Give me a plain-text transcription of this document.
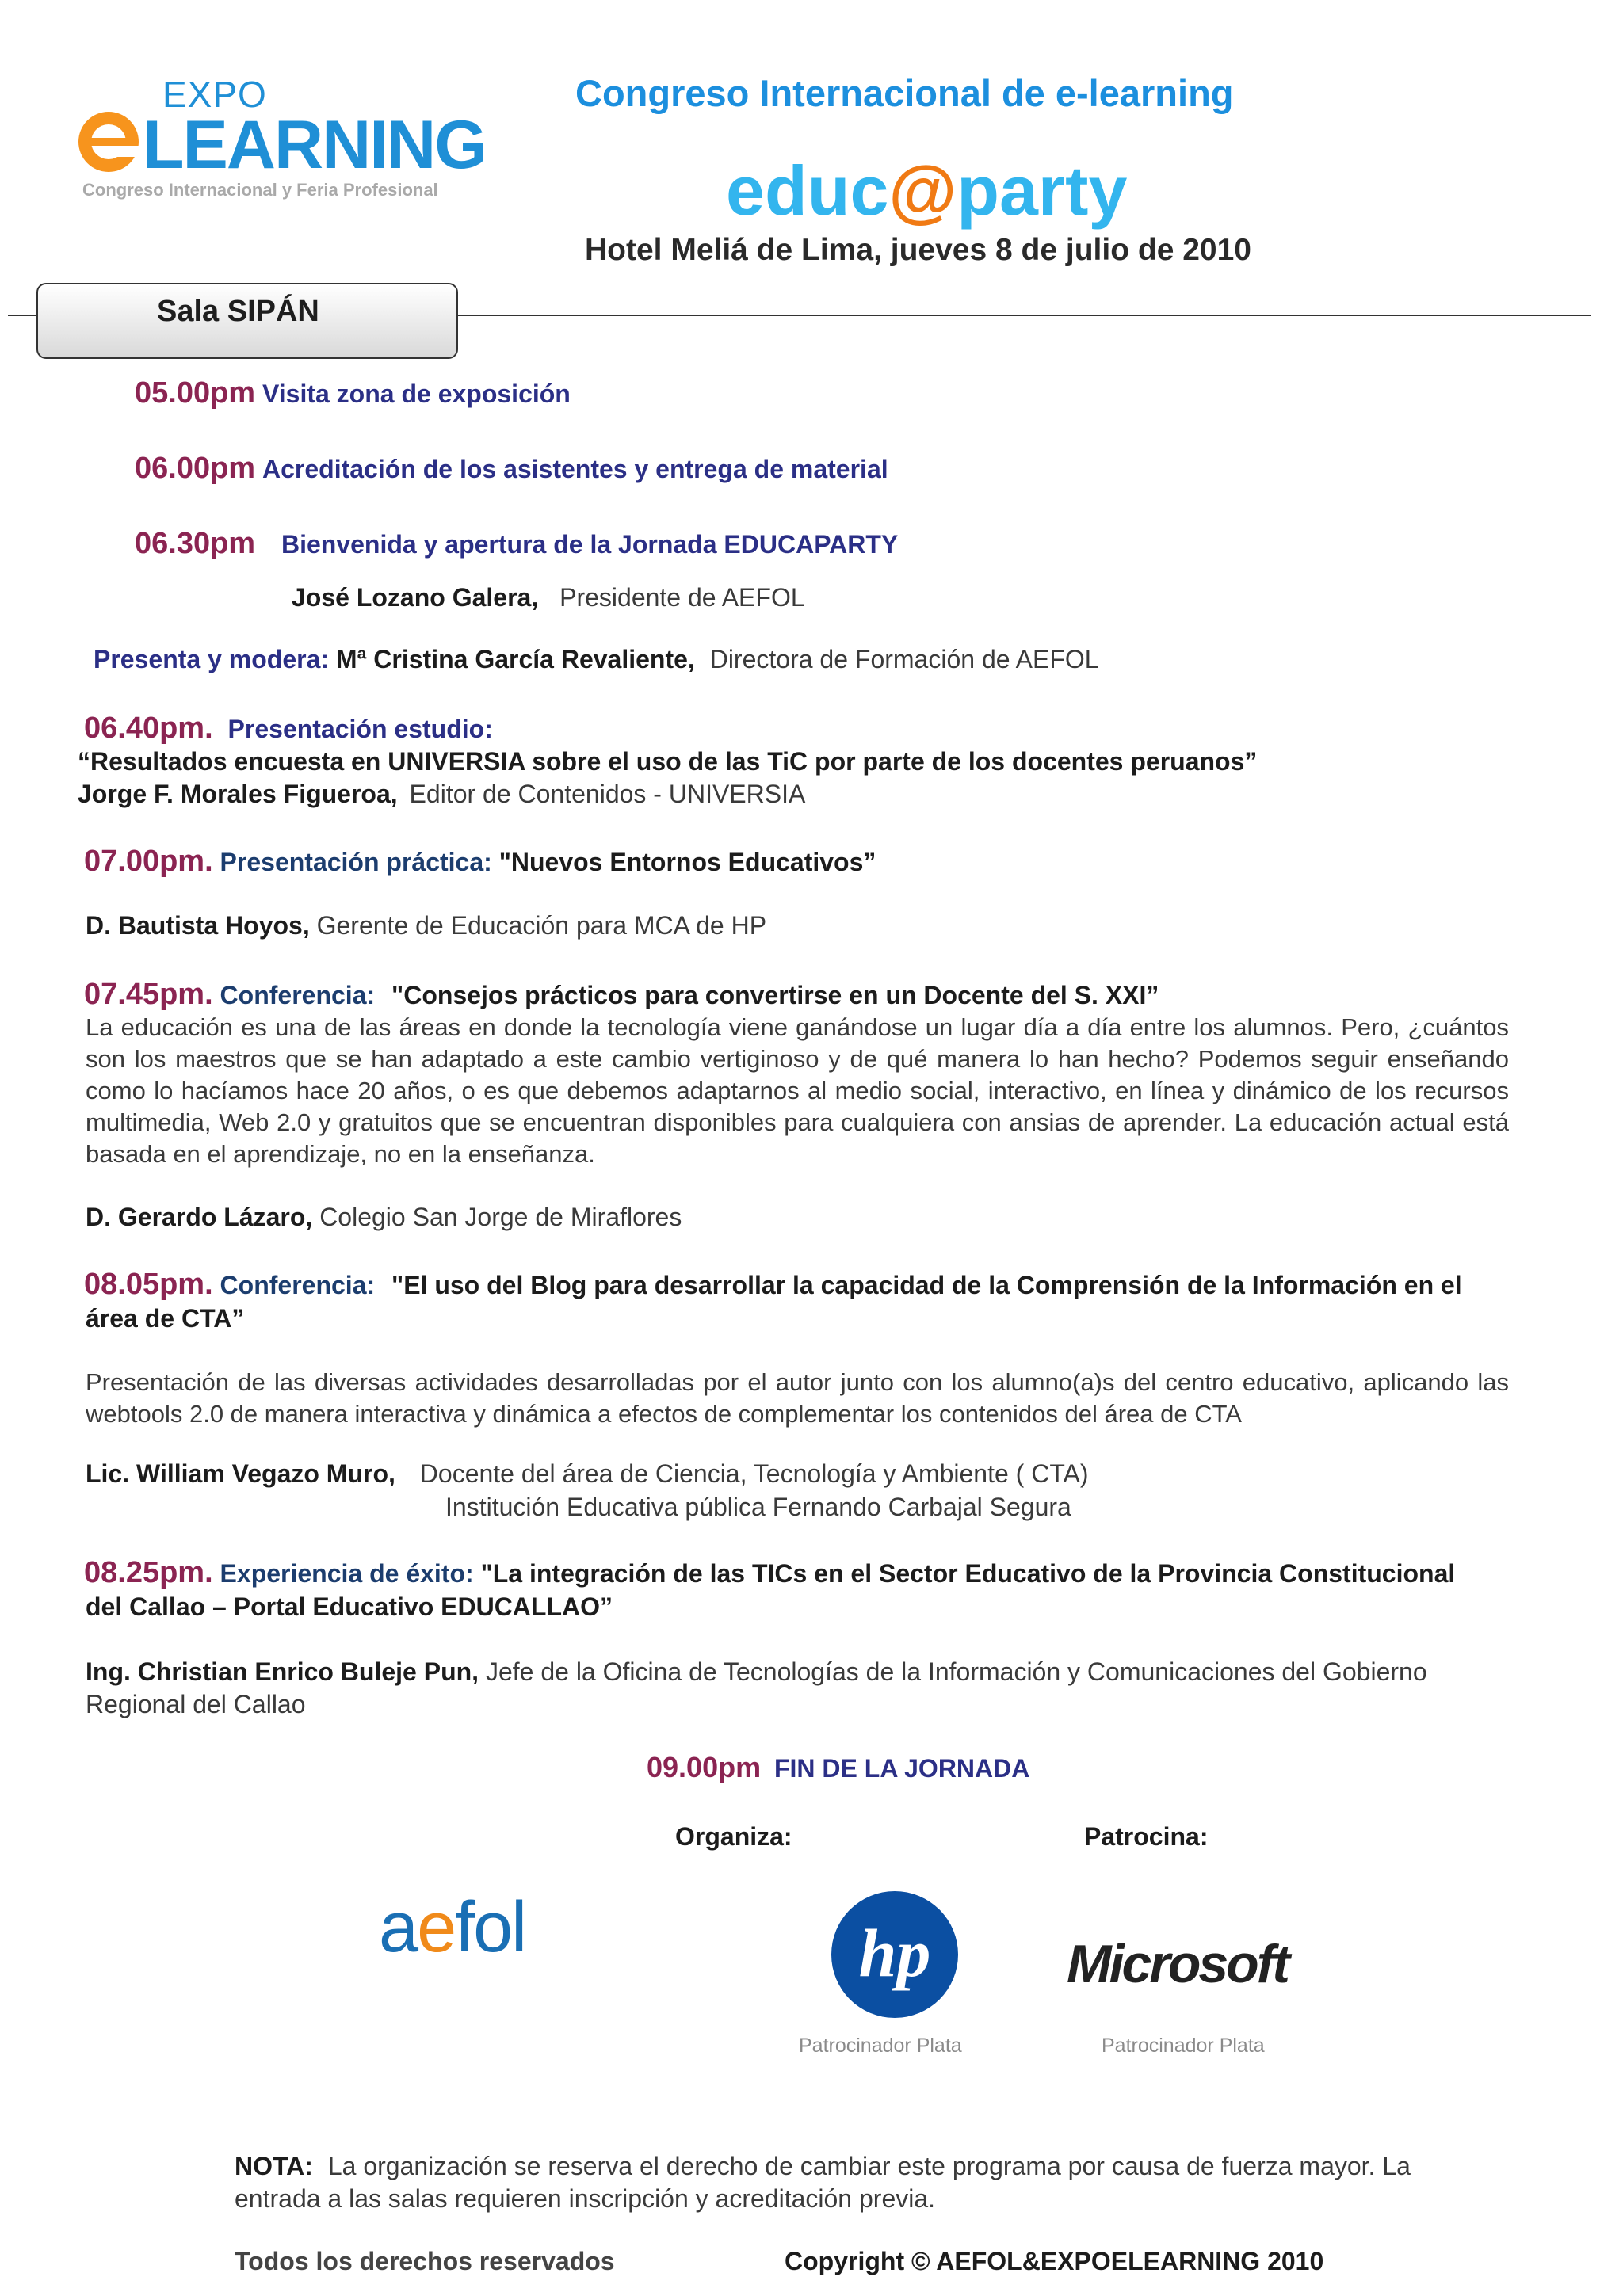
EXPO
LEARNING
Congreso Internacional y Feria Profesional
Congreso Internacional de e-learning
educ@party
Hotel Meliá de Lima, jueves 8 de julio de 2010
Sala SIPÁN
05.00pm Visita zona de exposición
06.00pm Acreditación de los asistentes y entrega de material
06.30pm Bienvenida y apertura de la Jornada EDUCAPARTY
José Lozano Galera, Presidente de AEFOL
Presenta y modera: Mª Cristina García Revaliente, Directora de Formación de AEFOL
06.40pm. Presentación estudio:
“Resultados encuesta en UNIVERSIA sobre el uso de las TiC por parte de los docentes peruanos”
Jorge F. Morales Figueroa, Editor de Contenidos - UNIVERSIA
07.00pm. Presentación práctica: "Nuevos Entornos Educativos”
D. Bautista Hoyos, Gerente de Educación para MCA de HP
07.45pm. Conferencia: "Consejos prácticos para convertirse en un Docente del S. XXI”
La educación es una de las áreas en donde la tecnología viene ganándose un lugar día a día entre los alumnos. Pero, ¿cuántos son los maestros que se han adaptado a este cambio vertiginoso y de qué manera lo han hecho? Podemos seguir enseñando como lo hacíamos hace 20 años, o es que debemos adaptarnos al medio social, interactivo, en línea y dinámico de los recursos multimedia, Web 2.0 y gratuitos que se encuentran disponibles para cualquiera con ansias de aprender. La educación actual está basada en el aprendizaje, no en la enseñanza.
D. Gerardo Lázaro, Colegio San Jorge de Miraflores
08.05pm. Conferencia: "El uso del Blog para desarrollar la capacidad de la Comprensión de la Información en el
área de CTA”
Presentación de las diversas actividades desarrolladas por el autor junto con los alumno(a)s del centro educativo, aplicando las webtools 2.0 de manera interactiva y dinámica a efectos de complementar los contenidos del área de CTA
Lic. William Vegazo Muro, Docente del área de Ciencia, Tecnología y Ambiente ( CTA)
Institución Educativa pública Fernando Carbajal Segura
08.25pm. Experiencia de éxito: "La integración de las TICs en el Sector Educativo de la Provincia Constitucional
del Callao – Portal Educativo EDUCALLAO”
Ing. Christian Enrico Buleje Pun, Jefe de la Oficina de Tecnologías de la Información y Comunicaciones del Gobierno
Regional del Callao
09.00pm FIN DE LA JORNADA
Organiza:	Patrocina:
aefol	hp
Patrocinador Plata
Microsoft
Patrocinador Plata
NOTA: La organización se reserva el derecho de cambiar este programa por causa de fuerza mayor. La
entrada a las salas requieren inscripción y acreditación previa.
Todos los derechos reservados	Copyright © AEFOL&EXPOELEARNING 2010
